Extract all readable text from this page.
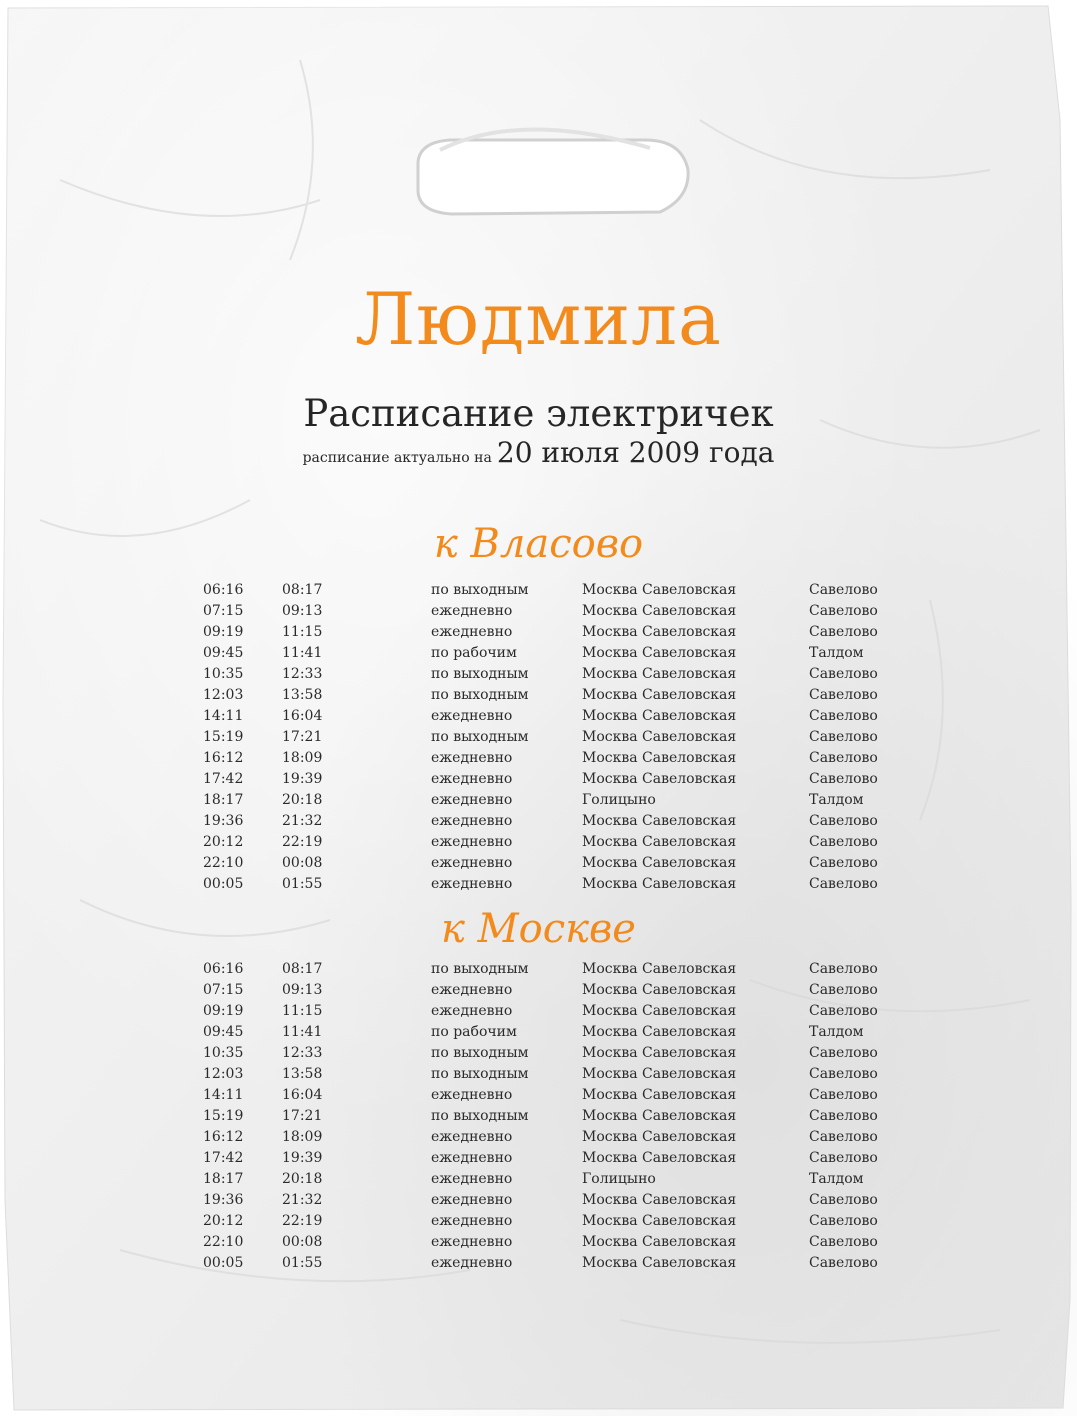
Людмила
Расписание электричек
расписание актуально на 20 июля 2009 года
к Власово
06:16	08:17	по выходным	Москва Савеловская	Савелово
07:15	09:13	ежедневно	Москва Савеловская	Савелово
09:19	11:15	ежедневно	Москва Савеловская	Савелово
09:45	11:41	по рабочим	Москва Савеловская	Талдом
10:35	12:33	по выходным	Москва Савеловская	Савелово
12:03	13:58	по выходным	Москва Савеловская	Савелово
14:11	16:04	ежедневно	Москва Савеловская	Савелово
15:19	17:21	по выходным	Москва Савеловская	Савелово
16:12	18:09	ежедневно	Москва Савеловская	Савелово
17:42	19:39	ежедневно	Москва Савеловская	Савелово
18:17	20:18	ежедневно	Голицыно	Талдом
19:36	21:32	ежедневно	Москва Савеловская	Савелово
20:12	22:19	ежедневно	Москва Савеловская	Савелово
22:10	00:08	ежедневно	Москва Савеловская	Савелово
00:05	01:55	ежедневно	Москва Савеловская	Савелово
к Москве
06:16	08:17	по выходным	Москва Савеловская	Савелово
07:15	09:13	ежедневно	Москва Савеловская	Савелово
09:19	11:15	ежедневно	Москва Савеловская	Савелово
09:45	11:41	по рабочим	Москва Савеловская	Талдом
10:35	12:33	по выходным	Москва Савеловская	Савелово
12:03	13:58	по выходным	Москва Савеловская	Савелово
14:11	16:04	ежедневно	Москва Савеловская	Савелово
15:19	17:21	по выходным	Москва Савеловская	Савелово
16:12	18:09	ежедневно	Москва Савеловская	Савелово
17:42	19:39	ежедневно	Москва Савеловская	Савелово
18:17	20:18	ежедневно	Голицыно	Талдом
19:36	21:32	ежедневно	Москва Савеловская	Савелово
20:12	22:19	ежедневно	Москва Савеловская	Савелово
22:10	00:08	ежедневно	Москва Савеловская	Савелово
00:05	01:55	ежедневно	Москва Савеловская	Савелово
